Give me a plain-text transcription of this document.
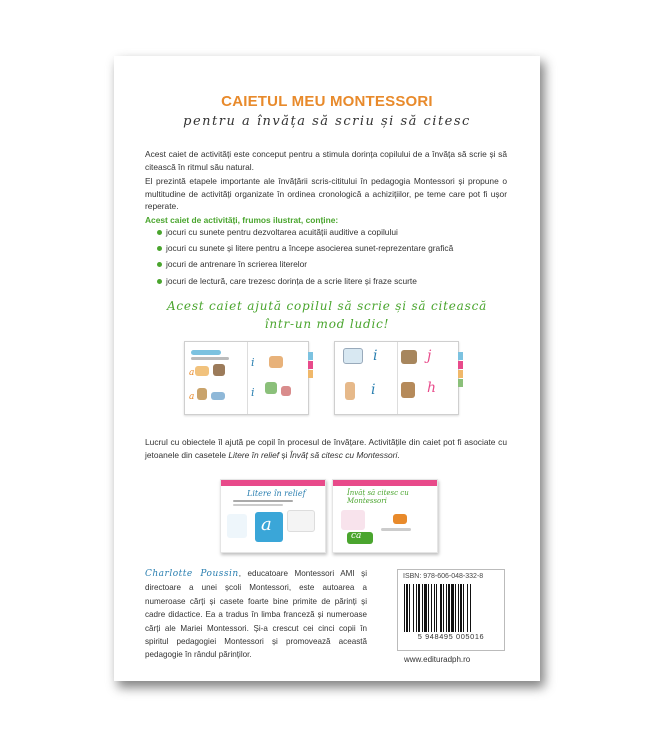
CAIETUL MEU MONTESSORI
pentru a învăța să scriu și să citesc
Acest caiet de activități este conceput pentru a stimula dorința copilului de a învăța să scrie și să citească în ritmul său natural.
El prezintă etapele importante ale învățării scris-cititului în pedagogia Montessori și propune o multitudine de activități organizate în ordinea cronologică a achizițiilor, pe teme care pot fi ușor reperate.
Acest caiet de activități, frumos ilustrat, conține:
jocuri cu sunete pentru dezvoltarea acuității auditive a copilului
jocuri cu sunete și litere pentru a începe asocierea sunet-reprezentare grafică
jocuri de antrenare în scrierea literelor
jocuri de lectură, care trezesc dorința de a scrie litere și fraze scurte
Acest caiet ajută copilul să scrie și să citească
într-un mod ludic!
a
a
i
i
i
i
j
h
Lucrul cu obiectele îl ajută pe copil în procesul de învățare. Activitățile din caiet pot fi asociate cu jetoanele din casetele Litere în relief și Învăț să citesc cu Montessori.
Litere în relief
a
Învăț să citesc cu Montessori
ca
Charlotte Poussin, educatoare Montessori AMI și directoare a unei școli Montessori, este autoarea a numeroase cărți și casete foarte bine primite de părinți și cadre didactice. Ea a tradus în limba franceză și numeroase cărți ale Mariei Montessori. Și-a crescut cei cinci copii în spiritul pedagogiei Montessori și promovează această pedagogie în rândul părinților.
ISBN: 978-606-048-332-8
5 948495 005016
www.edituradph.ro
